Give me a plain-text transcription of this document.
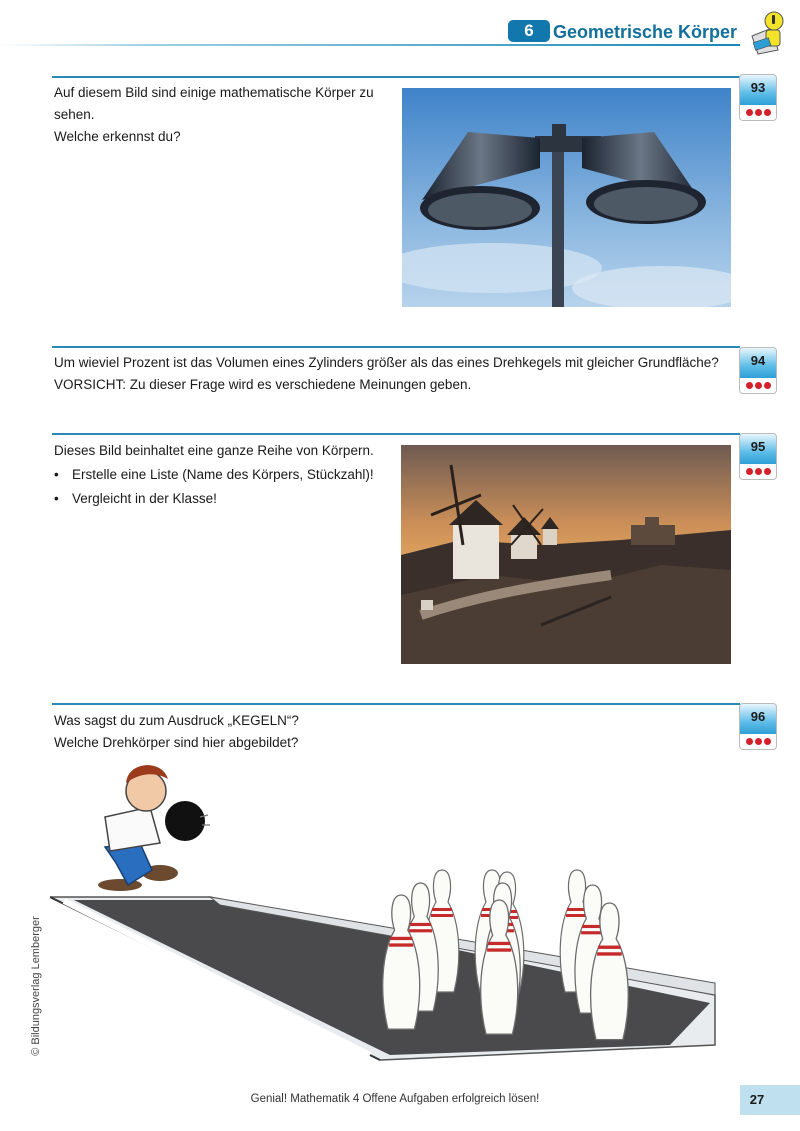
6	Geometrische Körper
93
Auf diesem Bild sind einige mathematische Körper zu
sehen.
Welche erkennst du?
94
Um wieviel Prozent ist das Volumen eines Zylinders größer als das eines Drehkegels mit gleicher Grundfläche?
VORSICHT: Zu dieser Frage wird es verschiedene Meinungen geben.
95
Dieses Bild beinhaltet eine ganze Reihe von Körpern.
• Erstelle eine Liste (Name des Körpers, Stückzahl)!
• Vergleicht in der Klasse!
96
Was sagst du zum Ausdruck „KEGELN“?
Welche Drehkörper sind hier abgebildet?
© Bildungsverlag Lemberger
Genial! Mathematik 4 Offene Aufgaben erfolgreich lösen!	27
